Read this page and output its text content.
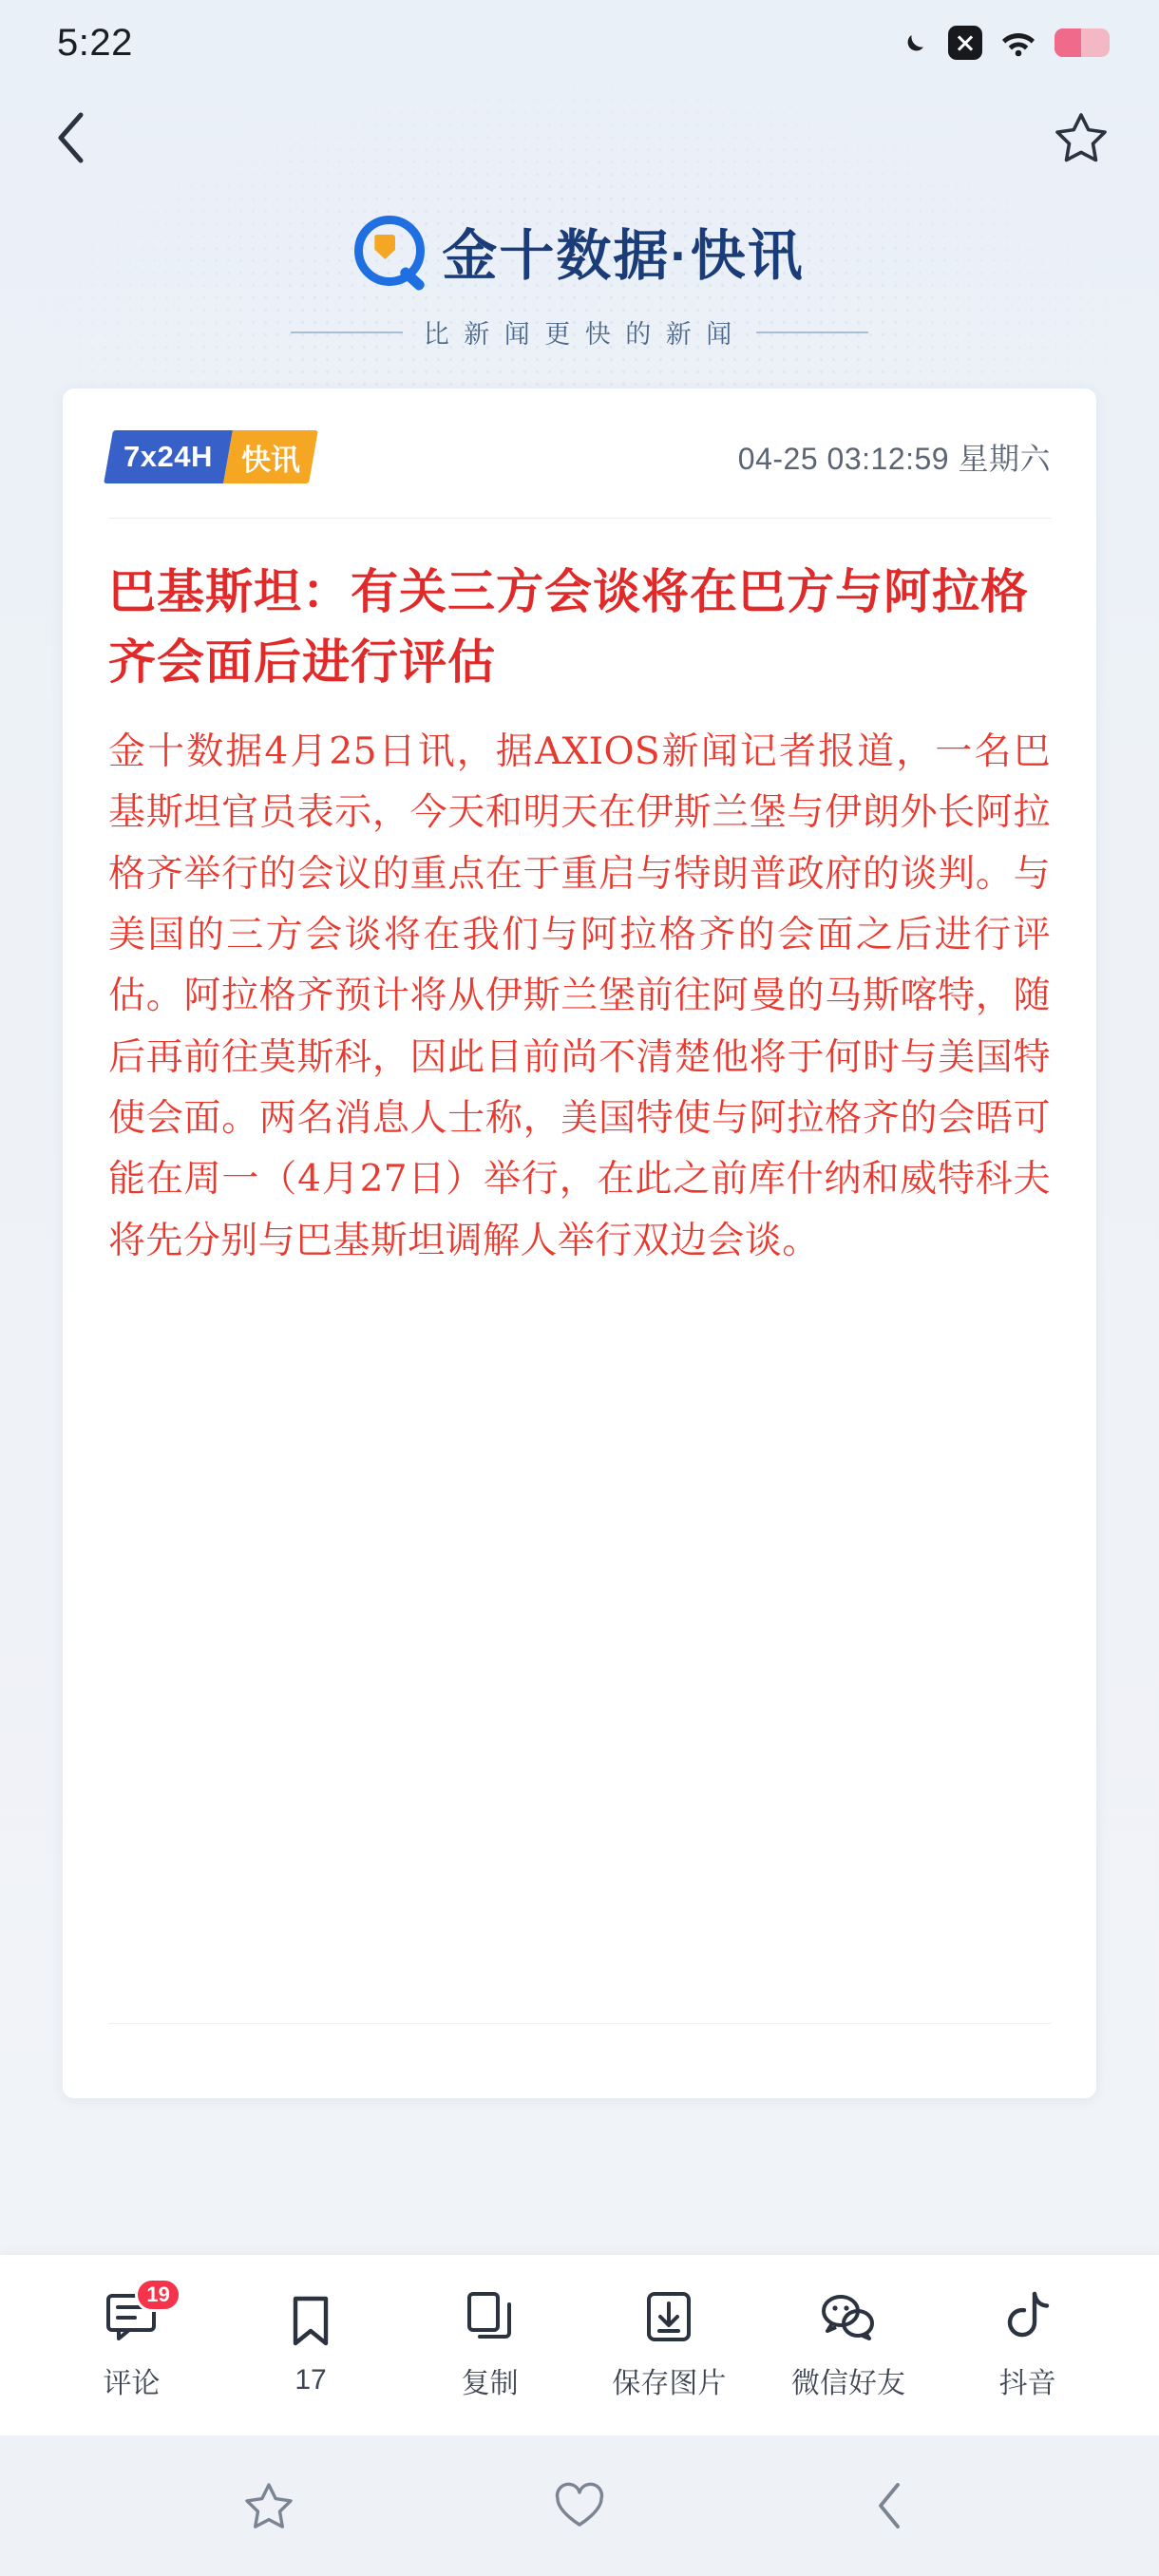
5:22
金十数据·快讯
比 新 闻 更 快 的 新 闻
7x24H 快讯	04-25 03:12:59 星期六
巴基斯坦：有关三方会谈将在巴方与阿拉格齐会面后进行评估

金十数据4月25日讯，据AXIOS新闻记者报道，一名巴基斯坦官员表示，今天和明天在伊斯兰堡与伊朗外长阿拉格齐举行的会议的重点在于重启与特朗普政府的谈判。与美国的三方会谈将在我们与阿拉格齐的会面之后进行评估。阿拉格齐预计将从伊斯兰堡前往阿曼的马斯喀特，随后再前往莫斯科，因此目前尚不清楚他将于何时与美国特使会面。两名消息人士称，美国特使与阿拉格齐的会晤可能在周一（4月27日）举行，在此之前库什纳和威特科夫将先分别与巴基斯坦调解人举行双边会谈。

19
评论	17	复制	保存图片 微信好友	抖音
